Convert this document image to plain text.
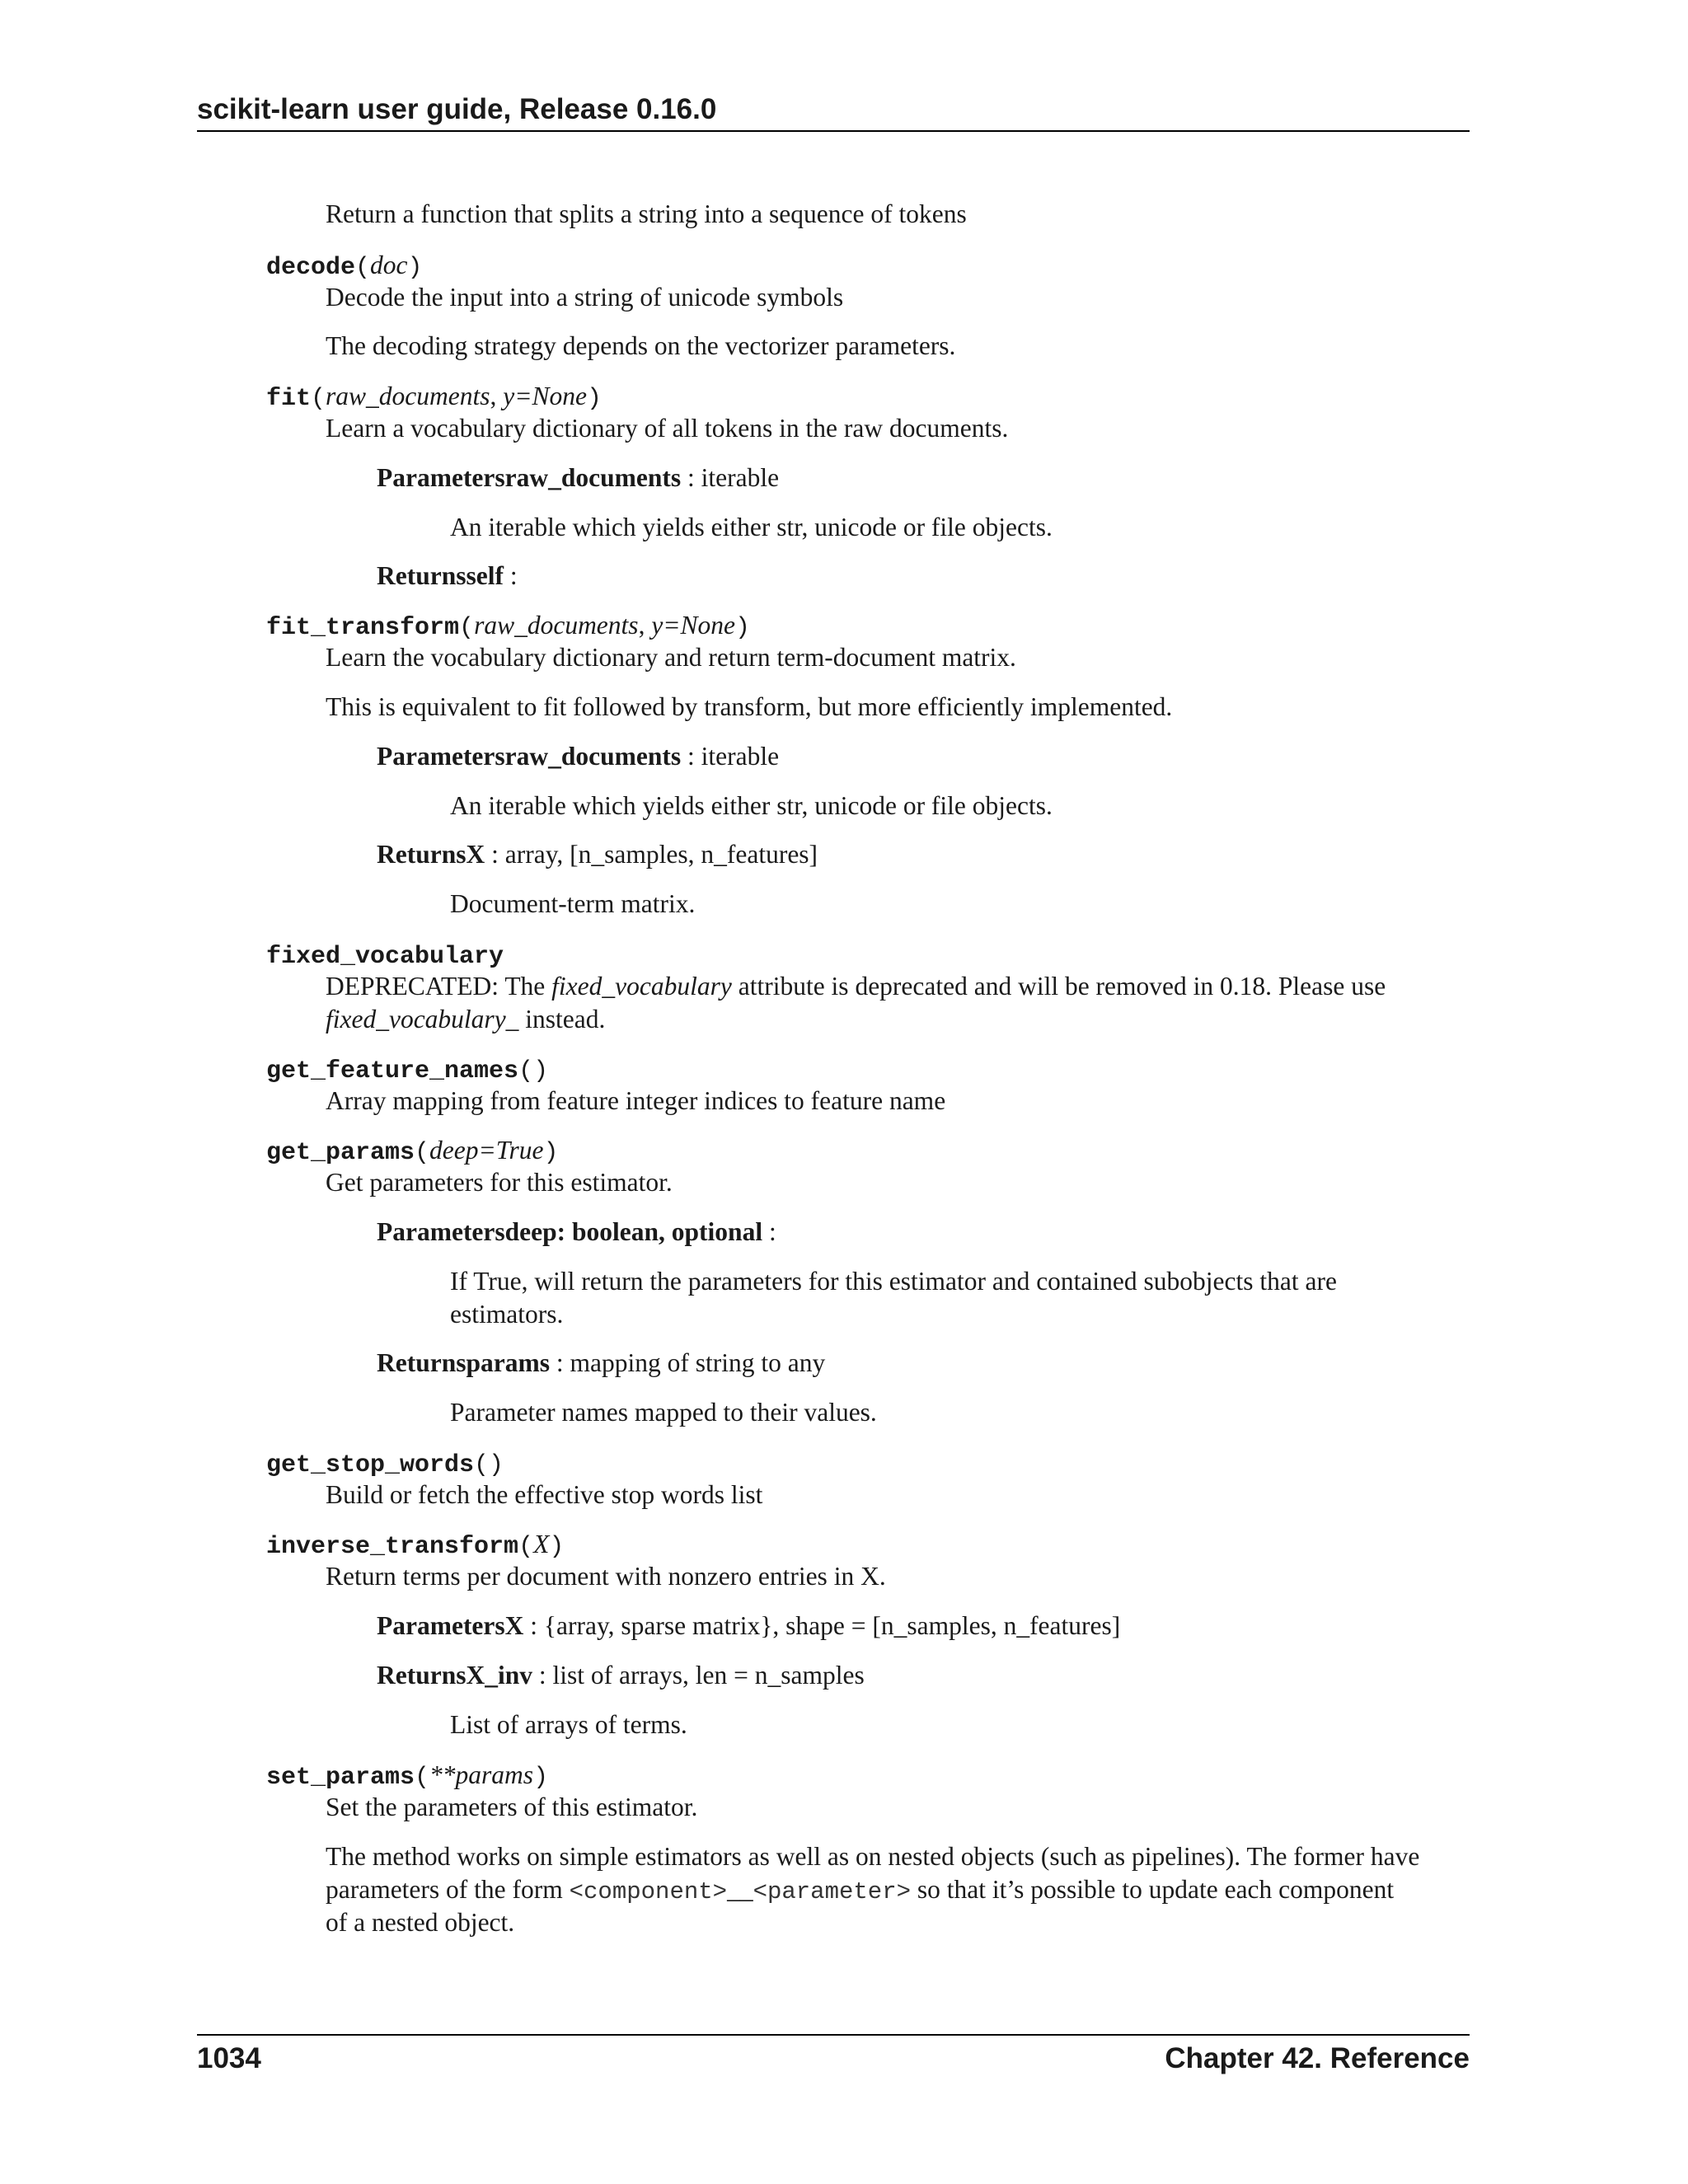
scikit-learn user guide, Release 0.16.0
Return a function that splits a string into a sequence of tokens
decode(doc)
Decode the input into a string of unicode symbols
The decoding strategy depends on the vectorizer parameters.
fit(raw_documents, y=None)
Learn a vocabulary dictionary of all tokens in the raw documents.
Parametersraw_documents : iterable
An iterable which yields either str, unicode or file objects.
Returnsself :
fit_transform(raw_documents, y=None)
Learn the vocabulary dictionary and return term-document matrix.
This is equivalent to fit followed by transform, but more efficiently implemented.
Parametersraw_documents : iterable
An iterable which yields either str, unicode or file objects.
ReturnsX : array, [n_samples, n_features]
Document-term matrix.
fixed_vocabulary
DEPRECATED: The fixed_vocabulary attribute is deprecated and will be removed in 0.18. Please use
fixed_vocabulary_ instead.
get_feature_names()
Array mapping from feature integer indices to feature name
get_params(deep=True)
Get parameters for this estimator.
Parametersdeep: boolean, optional :
If True, will return the parameters for this estimator and contained subobjects that are
estimators.
Returnsparams : mapping of string to any
Parameter names mapped to their values.
get_stop_words()
Build or fetch the effective stop words list
inverse_transform(X)
Return terms per document with nonzero entries in X.
ParametersX : {array, sparse matrix}, shape = [n_samples, n_features]
ReturnsX_inv : list of arrays, len = n_samples
List of arrays of terms.
set_params(**params)
Set the parameters of this estimator.
The method works on simple estimators as well as on nested objects (such as pipelines). The former have
parameters of the form <component>__<parameter> so that it’s possible to update each component
of a nested object.
1034	Chapter 42. Reference
